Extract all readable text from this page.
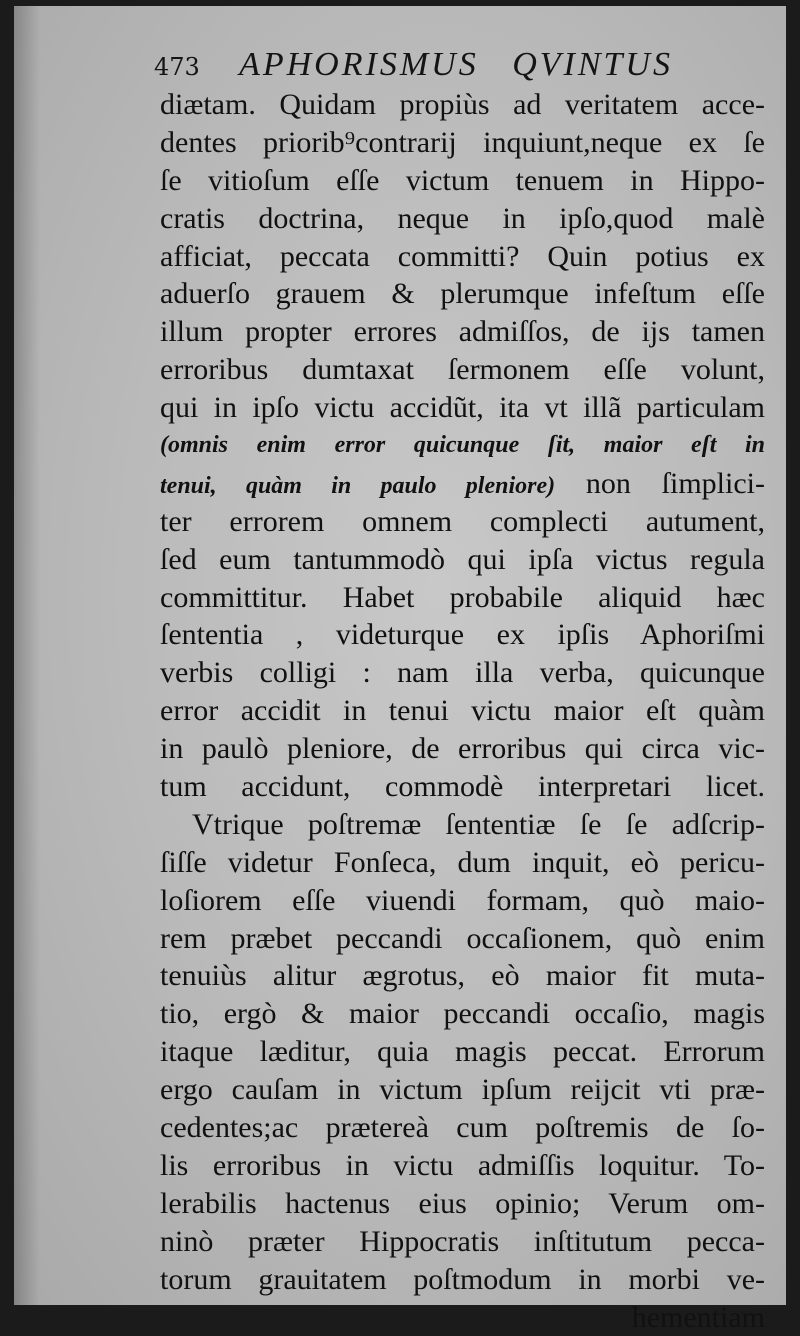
473 APHORISMUS QVINTUS
diætam. Quidam propiùs ad veritatem acce-
dentes priorib⁹contrarij inquiunt,neque ex ſe
ſe vitioſum eſſe victum tenuem in Hippo-
cratis doctrina, neque in ipſo,quod malè
afficiat, peccata committi? Quin potius ex
aduerſo grauem & plerumque infeſtum eſſe
illum propter errores admiſſos, de ijs tamen
erroribus dumtaxat ſermonem eſſe volunt,
qui in ipſo victu accidũt, ita vt illã particulam
(omnis enim error quicunque ſit, maior eſt in
tenui, quàm in paulo pleniore) non ſimplici-
ter errorem omnem complecti autument,
ſed eum tantummodò qui ipſa victus regula
committitur. Habet probabile aliquid hæc
ſententia , videturque ex ipſis Aphoriſmi
verbis colligi : nam illa verba, quicunque
error accidit in tenui victu maior eſt quàm
in paulò pleniore, de erroribus qui circa vic-
tum accidunt, commodè interpretari licet.
Vtrique poſtremæ ſententiæ ſe ſe adſcrip-
ſiſſe videtur Fonſeca, dum inquit, eò pericu-
loſiorem eſſe viuendi formam, quò maio-
rem præbet peccandi occaſionem, quò enim
tenuiùs alitur ægrotus, eò maior fit muta-
tio, ergò & maior peccandi occaſio, magis
itaque læditur, quia magis peccat. Errorum
ergo cauſam in victum ipſum reijcit vti præ-
cedentes;ac prætereà cum poſtremis de ſo-
lis erroribus in victu admiſſis loquitur. To-
lerabilis hactenus eius opinio; Verum om-
ninò præter Hippocratis inſtitutum pecca-
torum grauitatem poſtmodum in morbi ve-
hementiam
